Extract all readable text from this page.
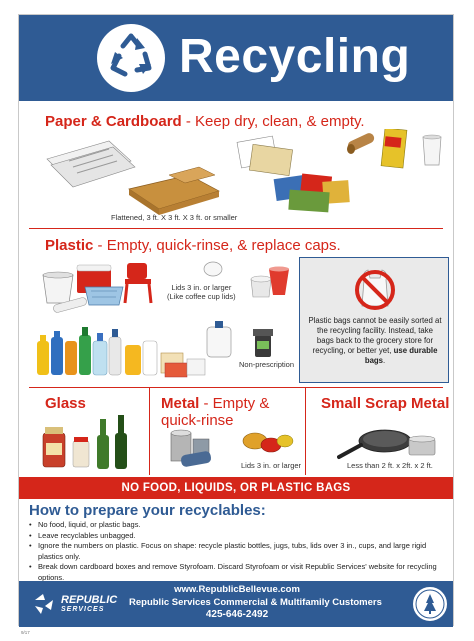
Recycling
Paper & Cardboard - Keep dry, clean, & empty.
Flattened, 3 ft. X 3 ft. X 3 ft. or smaller
Plastic - Empty, quick-rinse, & replace caps.
Lids 3 in. or larger
(Like coffee cup lids)
Non-prescription
Plastic bags cannot be easily sorted at the recycling facility. Instead, take bags back to the grocery store for recycling, or better yet, use durable bags.
Glass	Metal - Empty &
quick-rinse
Lids 3 in. or larger
Small Scrap Metal
Less than 2 ft. x 2ft. x 2 ft.
NO FOOD, LIQUIDS, OR PLASTIC BAGS
How to prepare your recyclables:
• No food, liquid, or plastic bags.
• Leave recyclables unbagged.
• Ignore the numbers on plastic. Focus on shape: recycle plastic bottles, jugs, tubs, lids over 3 in., cups, and large rigid plastics only.
• Break down cardboard boxes and remove Styrofoam. Discard Styrofoam or visit Republic Services' website for recycling options.
REPUBLIC
SERVICES
www.RepublicBellevue.com
Republic Services Commercial & Multifamily Customers
425-646-2492
9/17
